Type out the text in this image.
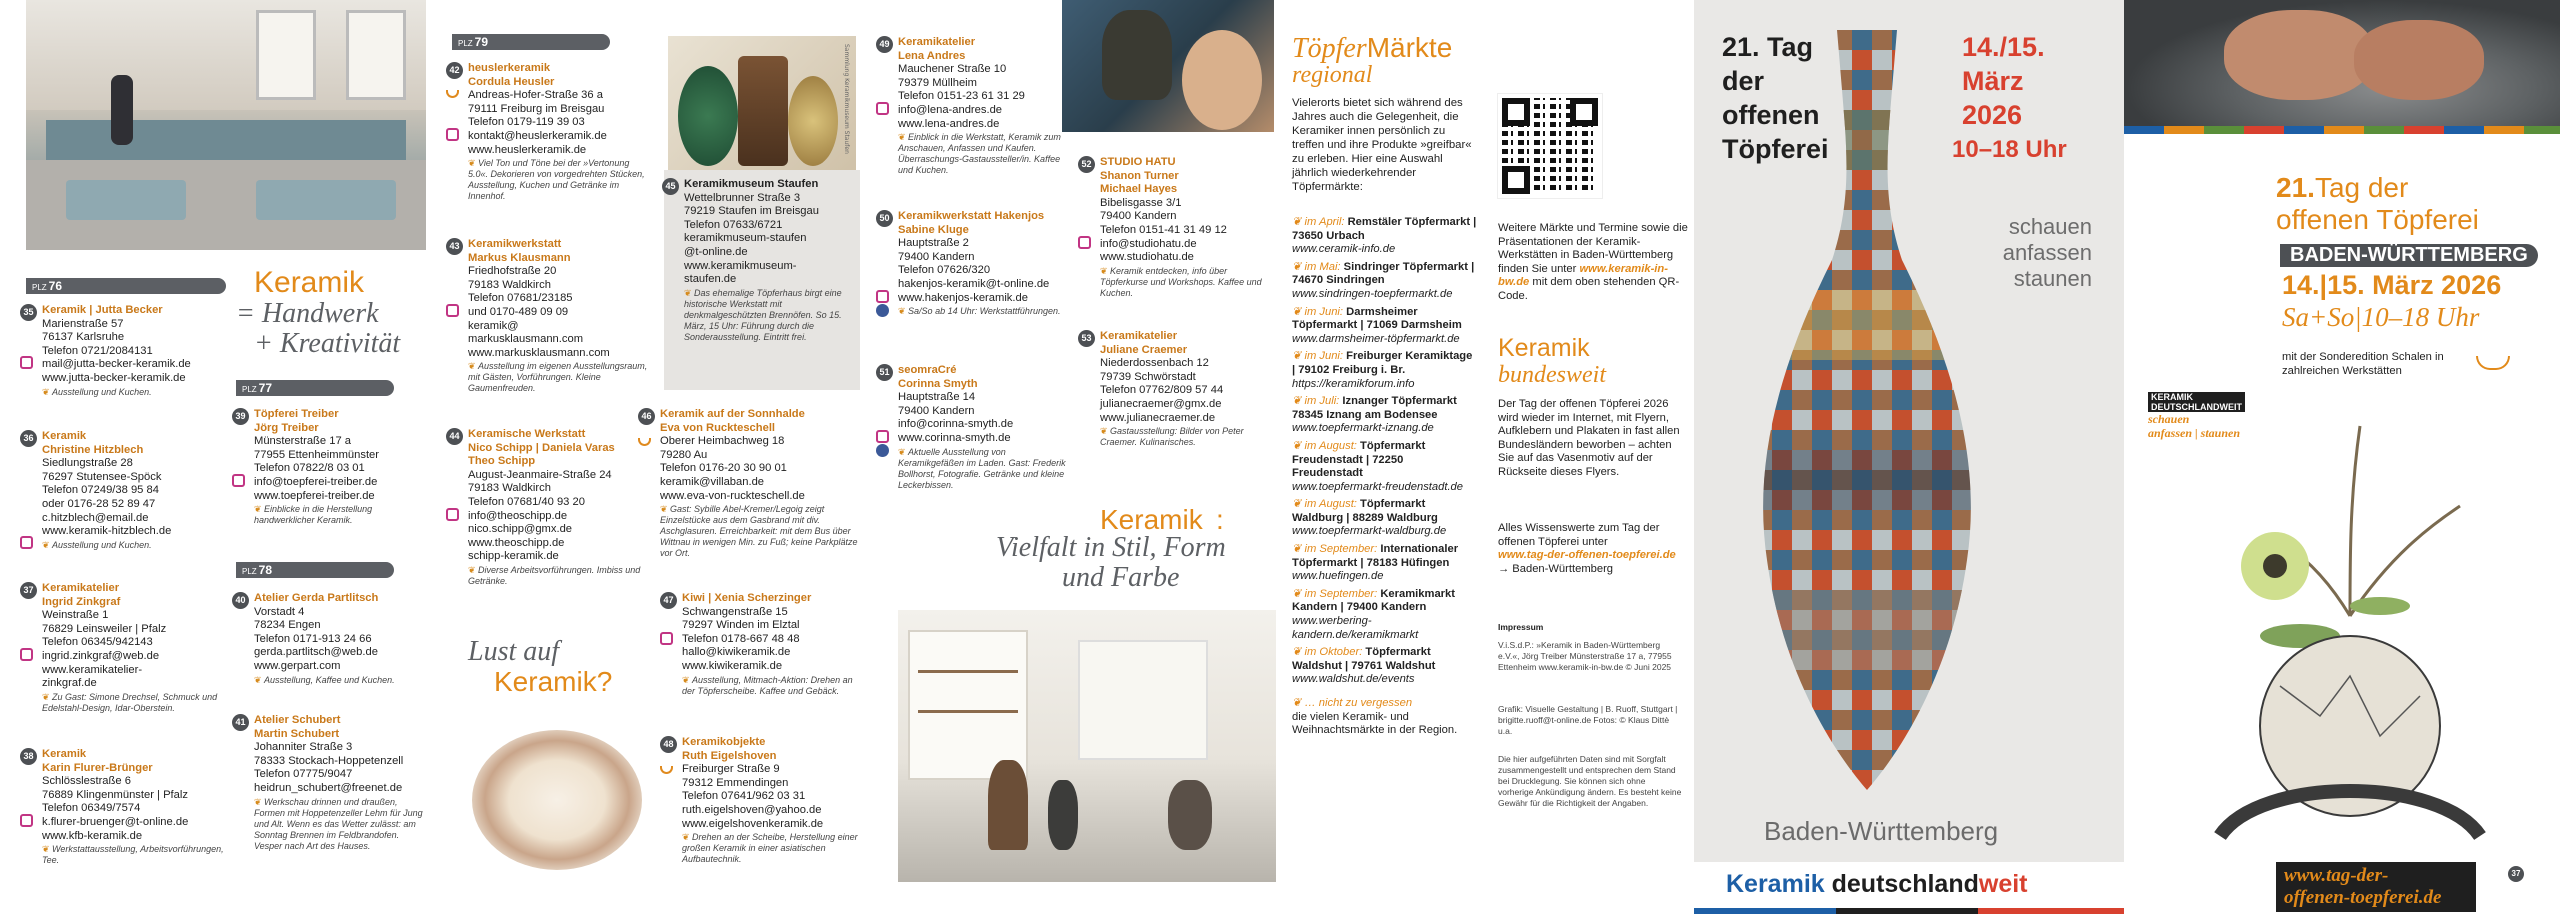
PLZ 76	Keramik
= Handwerk
+ Kreativität
PLZ 77
PLZ 78
35 Keramik | Jutta Becker
Marienstraße 57
76137 Karlsruhe
Telefon 0721/2084131
mail@jutta-becker-keramik.de
www.jutta-becker-keramik.de
❦ Ausstellung und Kuchen.
36 Keramik
Christine Hitzblech
Siedlungstraße 28
76297 Stutensee-Spöck
Telefon 07249/38 95 84
oder 0176-28 52 89 47
c.hitzblech@email.de
www.keramik-hitzblech.de
❦ Ausstellung und Kuchen.
37 Keramikatelier
Ingrid Zinkgraf
Weinstraße 1
76829 Leinsweiler | Pfalz
Telefon 06345/942143
ingrid.zinkgraf@web.de
www.keramikatelier-
zinkgraf.de
❦ Zu Gast: Simone Drechsel, Schmuck und Edelstahl-Design, Idar-Oberstein.
38 Keramik
Karin Flurer-Brünger
Schlösslestraße 6
76889 Klingenmünster | Pfalz
Telefon 06349/7574
k.flurer-bruenger@t-online.de
www.kfb-keramik.de
❦ Werkstattausstellung, Arbeitsvorführungen, Tee.
39 Töpferei Treiber
Jörg Treiber
Münsterstraße 17 a
77955 Ettenheimmünster
Telefon 07822/8 03 01
info@toepferei-treiber.de
www.toepferei-treiber.de
❦ Einblicke in die Herstellung handwerklicher Keramik.
40 Atelier Gerda Partlitsch
Vorstadt 4
78234 Engen
Telefon 0171-913 24 66
gerda.partlitsch@web.de
www.gerpart.com
❦ Ausstellung, Kaffee und Kuchen.
41 Atelier Schubert
Martin Schubert
Johanniter Straße 3
78333 Stockach-Hoppetenzell
Telefon 07775/9047
heidrun_schubert@freenet.de
❦ Werkschau drinnen und draußen, Formen mit Hoppetenzeller Lehm für Jung und Alt. Wenn es das Wetter zulässt: am Sonntag Brennen im Feldbrandofen. Vesper nach Art des Hauses.
PLZ 79
42 heuslerkeramik
Cordula Heusler
Andreas-Hofer-Straße 36 a
79111 Freiburg im Breisgau
Telefon 0179-119 39 03
kontakt@heuslerkeramik.de
www.heuslerkeramik.de
❦ Viel Ton und Töne bei der »Vertonung 5.0«. Dekorieren von vorgedrehten Stücken, Ausstellung, Kuchen und Getränke im Innenhof.
43 Keramikwerkstatt
Markus Klausmann
Friedhofstraße 20
79183 Waldkirch
Telefon 07681/23185
und 0170-489 09 09
keramik@
markusklausmann.com
www.markusklausmann.com
❦ Ausstellung im eigenen Ausstellungsraum, mit Gästen, Vorführungen. Kleine Gaumenfreuden.
44 Keramische Werkstatt
Nico Schipp | Daniela Varas
Theo Schipp
August-Jeanmaire-Straße 24
79183 Waldkirch
Telefon 07681/40 93 20
info@theoschipp.de
nico.schipp@gmx.de
www.theoschipp.de
schipp-keramik.de
❦ Diverse Arbeitsvorführungen. Imbiss und Getränke.
Lust auf
Keramik?
Sammlung Keramikmuseum Staufen
45 Keramikmuseum Staufen
Wettelbrunner Straße 3
79219 Staufen im Breisgau
Telefon 07633/6721
keramikmuseum-staufen
@t-online.de
www.keramikmuseum-
staufen.de
❦ Das ehemalige Töpferhaus birgt eine historische Werkstatt mit denkmalgeschützten Brennöfen. So 15. März, 15 Uhr: Führung durch die Sonderausstellung. Eintritt frei.
46 Keramik auf der Sonnhalde
Eva von Ruckteschell
Oberer Heimbachweg 18
79280 Au
Telefon 0176-20 30 90 01
keramik@villaban.de
www.eva-von-ruckteschell.de
❦ Gast: Sybille Abel-Kremer/Legoig zeigt Einzelstücke aus dem Gasbrand mit div. Aschglasuren. Erreichbarkeit: mit dem Bus über Wittnau in wenigen Min. zu Fuß; keine Parkplätze vor Ort.
47 Kiwi | Xenia Scherzinger
Schwangenstraße 15
79297 Winden im Elztal
Telefon 0178-667 48 48
hallo@kiwikeramik.de
www.kiwikeramik.de
❦ Ausstellung, Mitmach-Aktion: Drehen an der Töpferscheibe. Kaffee und Gebäck.
48 Keramikobjekte
Ruth Eigelshoven
Freiburger Straße 9
79312 Emmendingen
Telefon 07641/962 03 31
ruth.eigelshoven@yahoo.de
www.eigelshovenkeramik.de
❦ Drehen an der Scheibe, Herstellung einer großen Keramik in einer asiatischen Aufbautechnik.
49 Keramikatelier
Lena Andres
Mauchener Straße 10
79379 Müllheim
Telefon 0151-23 61 31 29
info@lena-andres.de
www.lena-andres.de
❦ Einblick in die Werkstatt, Keramik zum Anschauen, Anfassen und Kaufen. Überraschungs-Gastaussteller/in. Kaffee und Kuchen.
50 Keramikwerkstatt Hakenjos
Sabine Kluge
Hauptstraße 2
79400 Kandern
Telefon 07626/320
hakenjos-keramik@t-online.de
www.hakenjos-keramik.de
❦ Sa/So ab 14 Uhr: Werkstattführungen.
51 seomraCré
Corinna Smyth
Hauptstraße 14
79400 Kandern
info@corinna-smyth.de
www.corinna-smyth.de
❦ Aktuelle Ausstellung von Keramikgefäßen im Laden. Gast: Frederik Bollhorst, Fotografie. Getränke und kleine Leckerbissen.
52 STUDIO HATU
Shanon Turner
Michael Hayes
Bibelisgasse 3/1
79400 Kandern
Telefon 0151-41 31 49 12
info@studiohatu.de
www.studiohatu.de
❦ Keramik entdecken, info über Töpferkurse und Workshops. Kaffee und Kuchen.
53 Keramikatelier
Juliane Craemer
Niederdossenbach 12
79739 Schwörstadt
Telefon 07762/809 57 44
julianecraemer@gmx.de
www.julianecraemer.de
❦ Gastausstellung: Bilder von Peter Craemer. Kulinarisches.
Keramik :
Vielfalt in Stil, Form
und Farbe
TöpferMärkte
regional
Vielerorts bietet sich während des Jahres auch die Gelegenheit, die Keramiker innen persönlich zu treffen und ihre Produkte »greifbar« zu erleben. Hier eine Auswahl jährlich wiederkehrender Töpfermärkte:
❦ im April: Remstäler Töpfermarkt | 73650 Urbach
www.ceramik-info.de
❦ im Mai: Sindringer Töpfermarkt | 74670 Sindringen
www.sindringen-toepfermarkt.de
❦ im Juni: Darmsheimer Töpfermarkt | 71069 Darmsheim
www.darmsheimer-töpfermarkt.de
❦ im Juni: Freiburger Keramiktage | 79102 Freiburg i. Br.
https://keramikforum.info
❦ im Juli: Iznanger Töpfermarkt 78345 Iznang am Bodensee
www.toepfermarkt-iznang.de
❦ im August: Töpfermarkt Freudenstadt | 72250 Freudenstadt
www.toepfermarkt-freudenstadt.de
❦ im August: Töpfermarkt Waldburg | 88289 Waldburg
www.toepfermarkt-waldburg.de
❦ im September: Internationaler Töpfermarkt | 78183 Hüfingen
www.huefingen.de
❦ im September: Keramikmarkt Kandern | 79400 Kandern
www.werbering-kandern.de/keramikmarkt
❦ im Oktober: Töpfermarkt Waldshut | 79761 Waldshut
www.waldshut.de/events
❦ … nicht zu vergessen
die vielen Keramik- und Weihnachtsmärkte in der Region.
Weitere Märkte und Termine sowie die Präsentationen der Keramik-Werkstätten in Baden-Württemberg finden Sie unter www.keramik-in-bw.de mit dem oben stehenden QR-Code.
Keramik
bundesweit
Der Tag der offenen Töpferei 2026 wird wieder im Internet, mit Flyern, Aufklebern und Plakaten in fast allen Bundesländern beworben – achten Sie auf das Vasenmotiv auf der Rückseite dieses Flyers.
Alles Wissenswerte zum Tag der offenen Töpferei unter
www.tag-der-offenen-toepferei.de
→ Baden-Württemberg
Impressum
V.i.S.d.P.: »Keramik in Baden-Württemberg e.V.«, Jörg Treiber Münsterstraße 17 a, 77955 Ettenheim www.keramik-in-bw.de © Juni 2025
Grafik: Visuelle Gestaltung | B. Ruoff, Stuttgart | brigitte.ruoff@t-online.de Fotos: © Klaus Dittè u.a.
Die hier aufgeführten Daten sind mit Sorgfalt zusammengestellt und entsprechen dem Stand bei Drucklegung. Sie können sich ohne vorherige Ankündigung ändern. Es besteht keine Gewähr für die Richtigkeit der Angaben.
21. Tag
der
offenen
Töpferei
14./15.
März
2026
10–18 Uhr
schauen
anfassen
staunen
Baden-Württemberg
Keramik deutschlandweit
21.Tag der
offenen Töpferei
BADEN-WÜRTTEMBERG
14.|15. März 2026
Sa+So|10–18 Uhr
mit der Sonderedition Schalen in zahlreichen Werkstätten
KERAMIK
DEUTSCHLANDWEIT
schauen
anfassen | staunen
www.tag-der-
offenen-toepferei.de
37
